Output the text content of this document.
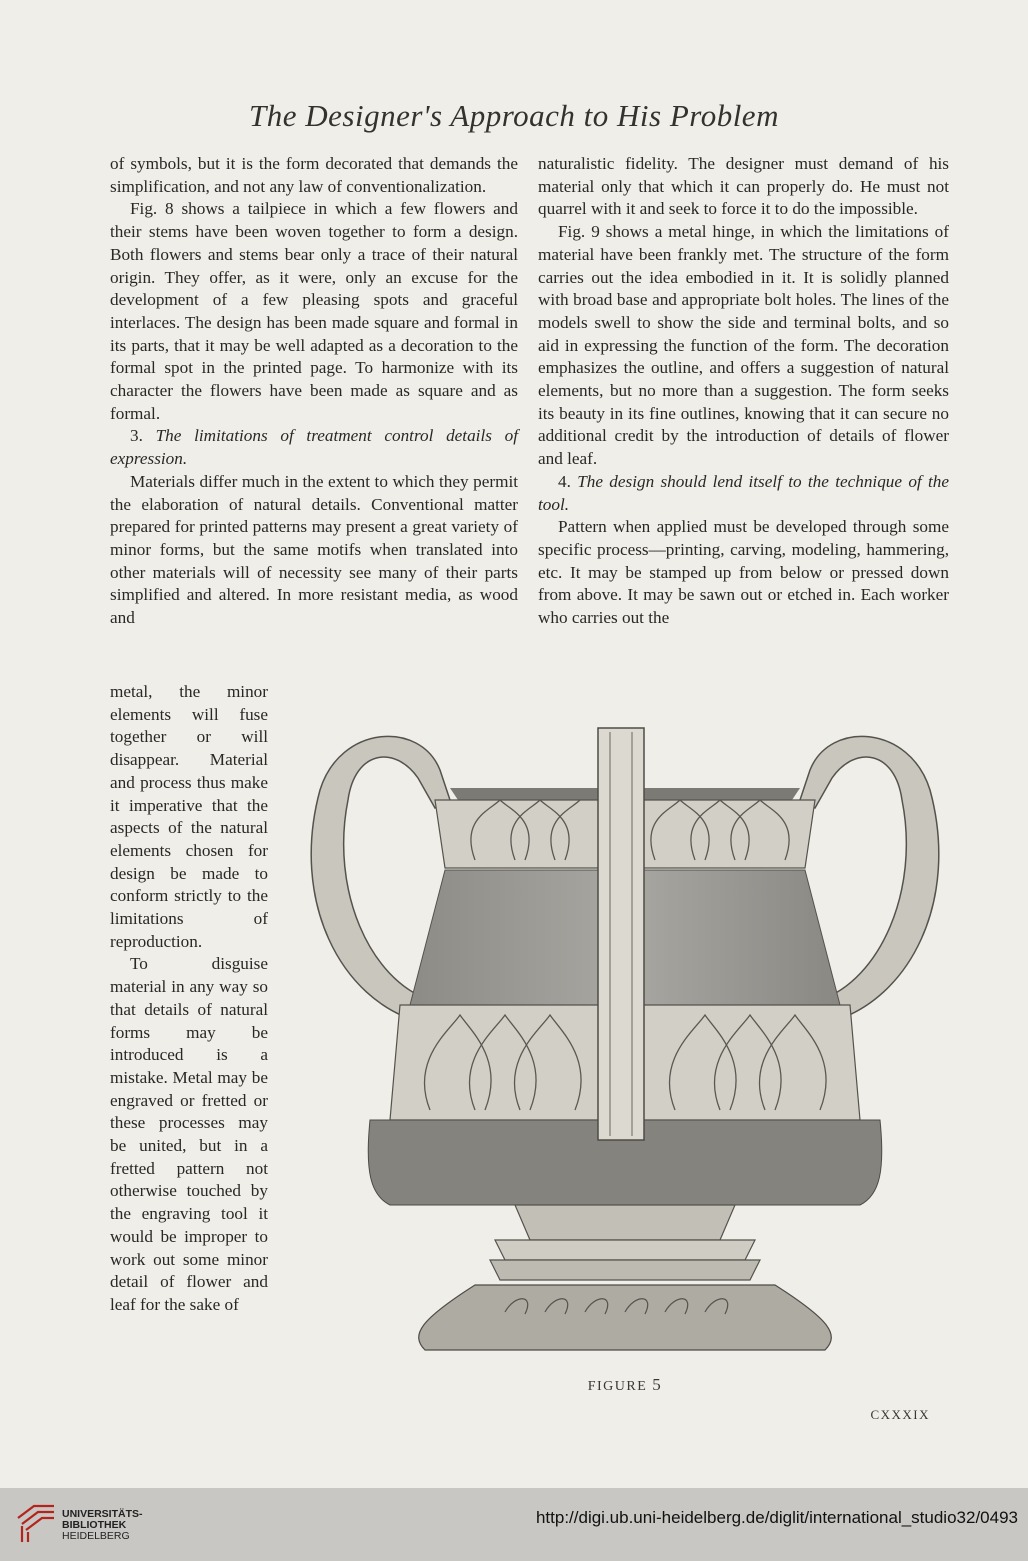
The Designer's Approach to His Problem

of symbols, but it is the form decorated that demands the simplification, and not any law of conventionalization.

Fig. 8 shows a tailpiece in which a few flowers and their stems have been woven together to form a design. Both flowers and stems bear only a trace of their natural origin. They offer, as it were, only an excuse for the development of a few pleasing spots and graceful interlaces. The design has been made square and formal in its parts, that it may be well adapted as a decoration to the formal spot in the printed page. To harmonize with its character the flowers have been made as square and as formal.

3. The limitations of treatment control details of expression.

Materials differ much in the extent to which they permit the elaboration of natural details. Conventional matter prepared for printed patterns may present a great variety of minor forms, but the same motifs when translated into other materials will of necessity see many of their parts simplified and altered. In more resistant media, as wood and

metal, the minor elements will fuse together or will disappear. Material and process thus make it imperative that the aspects of the natural elements chosen for design be made to conform strictly to the limitations of reproduction.

To disguise material in any way so that details of natural forms may be introduced is a mistake. Metal may be engraved or fretted or these processes may be united, but in a fretted pattern not otherwise touched by the engraving tool it would be improper to work out some minor detail of flower and leaf for the sake of

naturalistic fidelity. The designer must demand of his material only that which it can properly do. He must not quarrel with it and seek to force it to do the impossible.

Fig. 9 shows a metal hinge, in which the limitations of material have been frankly met. The structure of the form carries out the idea embodied in it. It is solidly planned with broad base and appropriate bolt holes. The lines of the models swell to show the side and terminal bolts, and so aid in expressing the function of the form. The decoration emphasizes the outline, and offers a suggestion of natural elements, but no more than a suggestion. The form seeks its beauty in its fine outlines, knowing that it can secure no additional credit by the introduction of details of flower and leaf.

4. The design should lend itself to the technique of the tool.

Pattern when applied must be developed through some specific process—printing, carving, modeling, hammering, etc. It may be stamped up from below or pressed down from above. It may be sawn out or etched in. Each worker who carries out the

FIGURE 5
CXXXIX
UNIVERSITÄTS-
BIBLIOTHEK
HEIDELBERG
http://digi.ub.uni-heidelberg.de/diglit/international_studio32/0493
